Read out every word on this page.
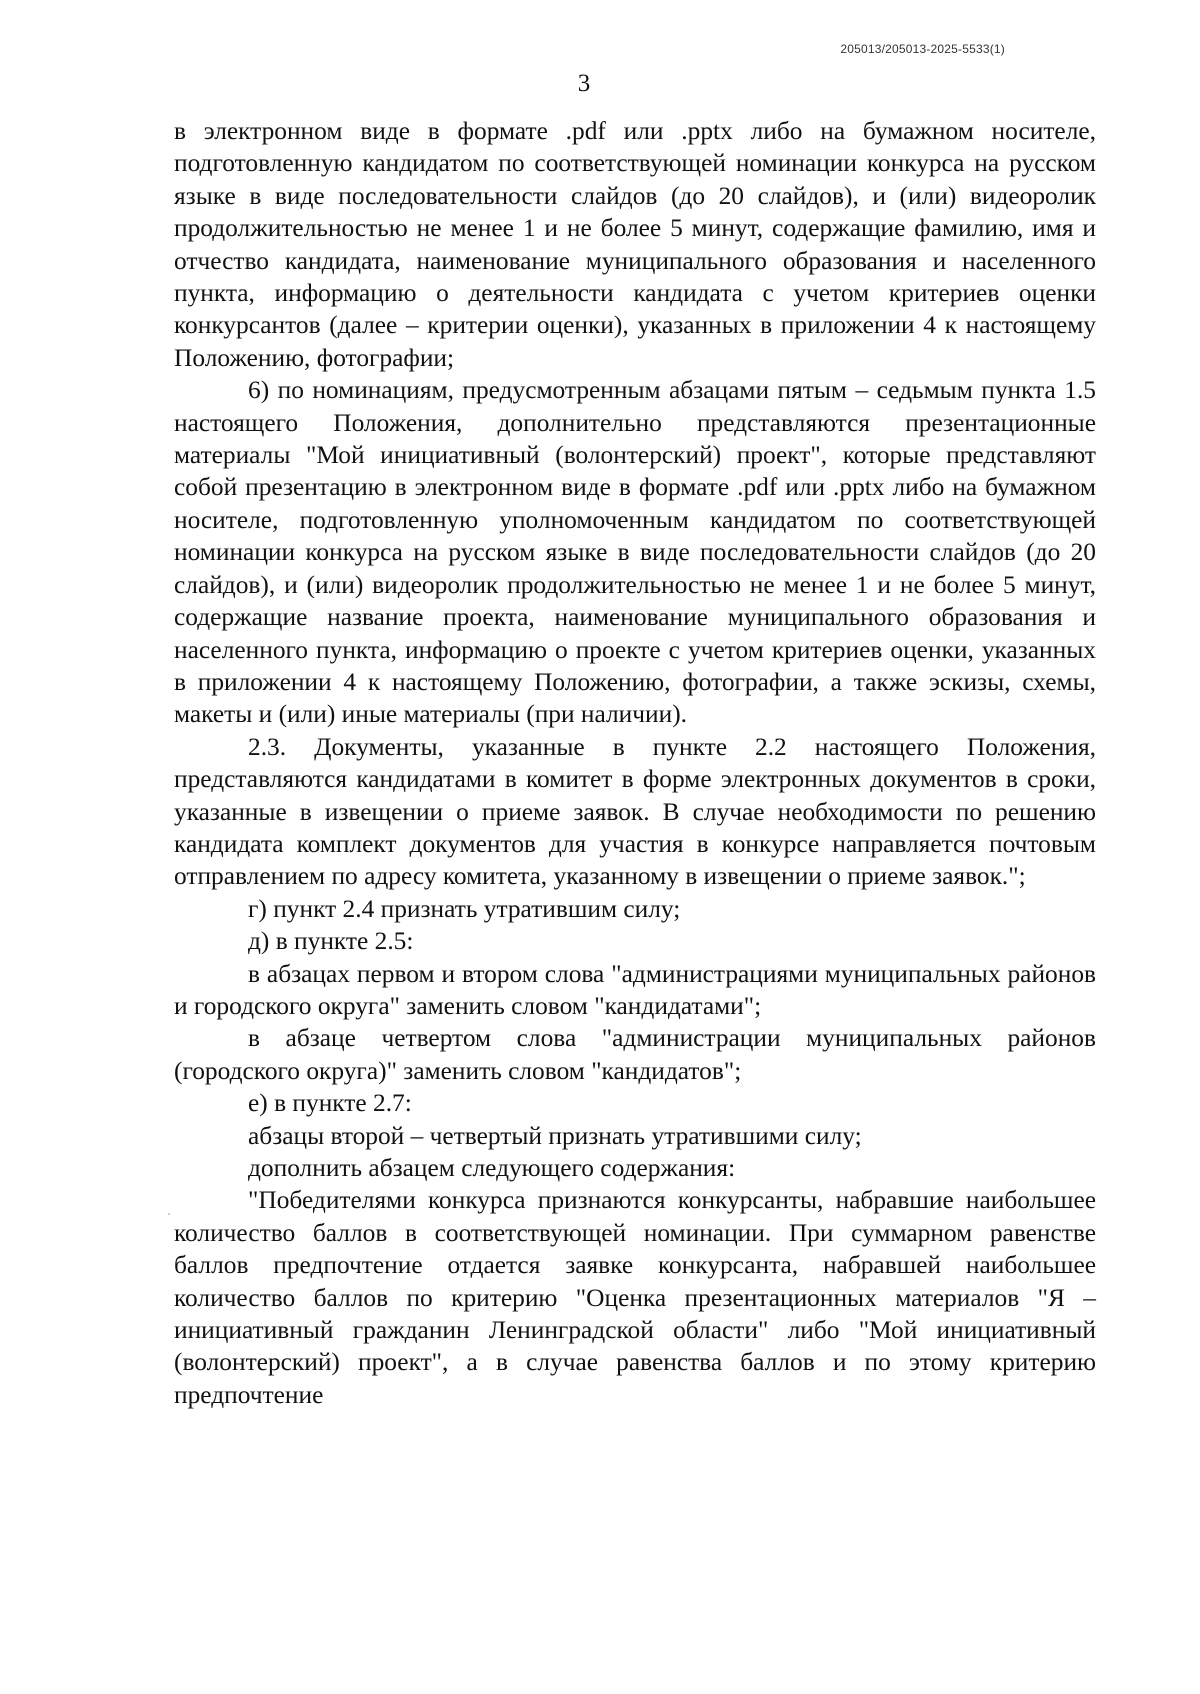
205013/205013-2025-5533(1)
3

в электронном виде в формате .pdf или .pptx либо на бумажном носителе, подготовленную кандидатом по соответствующей номинации конкурса на русском языке в виде последовательности слайдов (до 20 слайдов), и (или) видеоролик продолжительностью не менее 1 и не более 5 минут, содержащие фамилию, имя и отчество кандидата, наименование муниципального образования и населенного пункта, информацию о деятельности кандидата с учетом критериев оценки конкурсантов (далее – критерии оценки), указанных в приложении 4 к настоящему Положению, фотографии;

6) по номинациям, предусмотренным абзацами пятым – седьмым пункта 1.5 настоящего Положения, дополнительно представляются презентационные материалы "Мой инициативный (волонтерский) проект", которые представляют собой презентацию в электронном виде в формате .pdf или .pptx либо на бумажном носителе, подготовленную уполномоченным кандидатом по соответствующей номинации конкурса на русском языке в виде последовательности слайдов (до 20 слайдов), и (или) видеоролик продолжительностью не менее 1 и не более 5 минут, содержащие название проекта, наименование муниципального образования и населенного пункта, информацию о проекте с учетом критериев оценки, указанных в приложении 4 к настоящему Положению, фотографии, а также эскизы, схемы, макеты и (или) иные материалы (при наличии).

2.3. Документы, указанные в пункте 2.2 настоящего Положения, представляются кандидатами в комитет в форме электронных документов в сроки, указанные в извещении о приеме заявок. В случае необходимости по решению кандидата комплект документов для участия в конкурсе направляется почтовым отправлением по адресу комитета, указанному в извещении о приеме заявок.";

г) пункт 2.4 признать утратившим силу;

д) в пункте 2.5:

в абзацах первом и втором слова "администрациями муниципальных районов и городского округа" заменить словом "кандидатами";

в абзаце четвертом слова "администрации муниципальных районов (городского округа)" заменить словом "кандидатов";

е) в пункте 2.7:

абзацы второй – четвертый признать утратившими силу;

дополнить абзацем следующего содержания:

"Победителями конкурса признаются конкурсанты, набравшие наибольшее количество баллов в соответствующей номинации. При суммарном равенстве баллов предпочтение отдается заявке конкурсанта, набравшей наибольшее количество баллов по критерию "Оценка презентационных материалов "Я – инициативный гражданин Ленинградской области" либо "Мой инициативный (волонтерский) проект", а в случае равенства баллов и по этому критерию предпочтение
